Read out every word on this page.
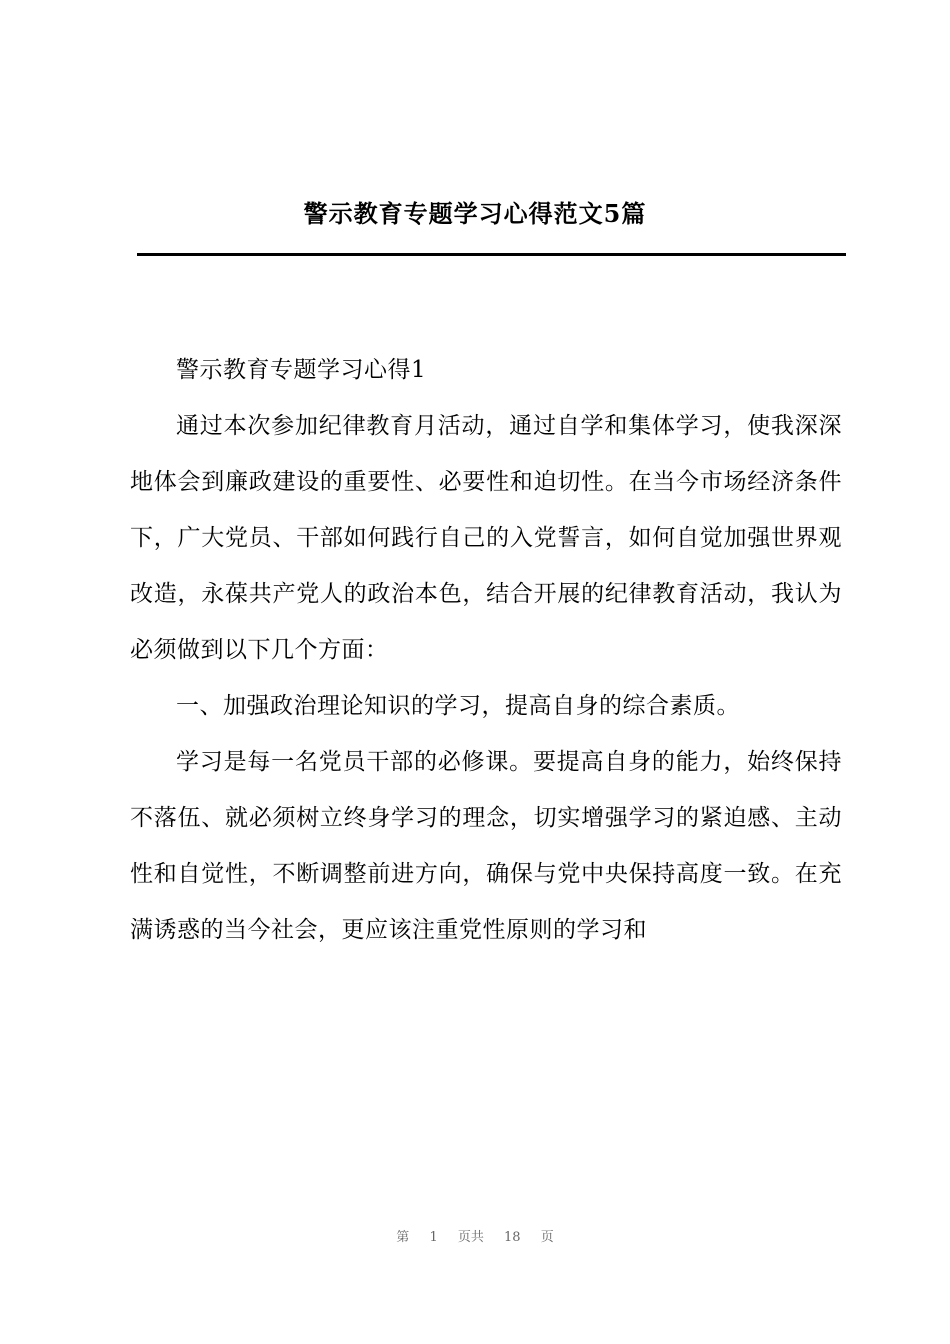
警示教育专题学习心得范文5篇

警示教育专题学习心得1

通过本次参加纪律教育月活动，通过自学和集体学习，使我深深地体会到廉政建设的重要性、必要性和迫切性。在当今市场经济条件下，广大党员、干部如何践行自己的入党誓言，如何自觉加强世界观改造，永葆共产党人的政治本色，结合开展的纪律教育活动，我认为必须做到以下几个方面：

一、加强政治理论知识的学习，提高自身的综合素质。

学习是每一名党员干部的必修课。要提高自身的能力，始终保持不落伍、就必须树立终身学习的理念，切实增强学习的紧迫感、主动性和自觉性，不断调整前进方向，确保与党中央保持高度一致。在充满诱惑的当今社会，更应该注重党性原则的学习和

第 1 页共 18 页
